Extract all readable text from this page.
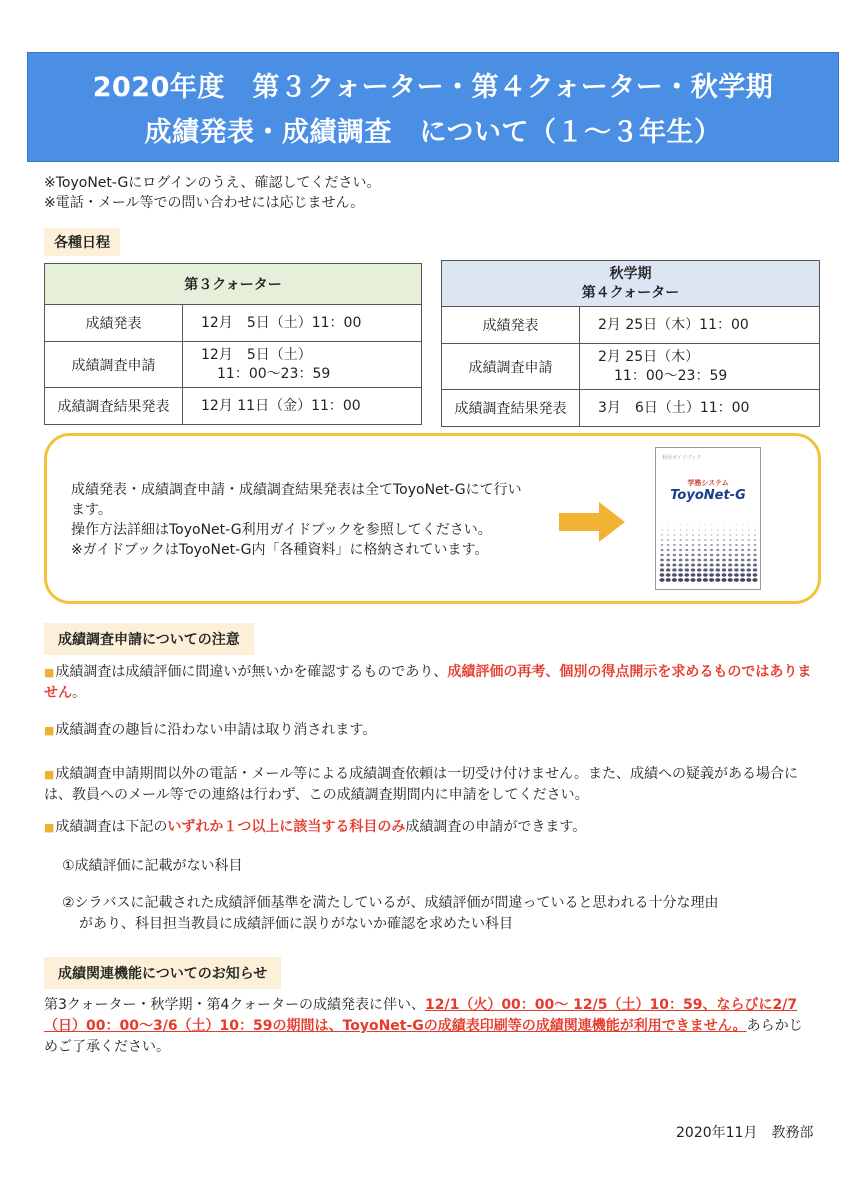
2020年度　第３クォーター・第４クォーター・秋学期
成績発表・成績調査　について（１～３年生）
※ToyoNet-Gにログインのうえ、確認してください。
※電話・メール等での問い合わせには応じません。
各種日程
第３クォーター	
成績発表	12月　5日（土）11：00
成績調査申請	12月　5日（土）
11：00～23：59

成績調査結果発表	12月 11日（金）11：00
秋学期
第４クォーター	

成績発表	2月 25日（木）11：00
成績調査申請	2月 25日（木）
11：00～23：59

成績調査結果発表	3月　6日（土）11：00
成績発表・成績調査申請・成績調査結果発表は全てToyoNet-Gにて行い
ます。
操作方法詳細はToyoNet-G利用ガイドブックを参照してください。
※ガイドブックはToyoNet-G内「各種資料」に格納されています。
利用ガイドブック
学務システム
ToyoNet-G
成績調査申請についての注意
■成績調査は成績評価に間違いが無いかを確認するものであり、成績評価の再考、個別の得点開示を求めるものではありません。
■成績調査の趣旨に沿わない申請は取り消されます。
■成績調査申請期間以外の電話・メール等による成績調査依頼は一切受け付けません。また、成績への疑義がある場合には、教員へのメール等での連絡は行わず、この成績調査期間内に申請をしてください。
■成績調査は下記のいずれか１つ以上に該当する科目のみ成績調査の申請ができます。
①成績評価に記載がない科目
②シラバスに記載された成績評価基準を満たしているが、成績評価が間違っていると思われる十分な理由
があり、科目担当教員に成績評価に誤りがないか確認を求めたい科目
成績関連機能についてのお知らせ
第3クォーター・秋学期・第4クォーターの成績発表に伴い、12/1（火）00：00～ 12/5（土）10：59、ならびに2/7（日）00：00～3/6（土）10：59の期間は、ToyoNet-Gの成績表印刷等の成績関連機能が利用できません。あらかじめご了承ください。
2020年11月　教務部
